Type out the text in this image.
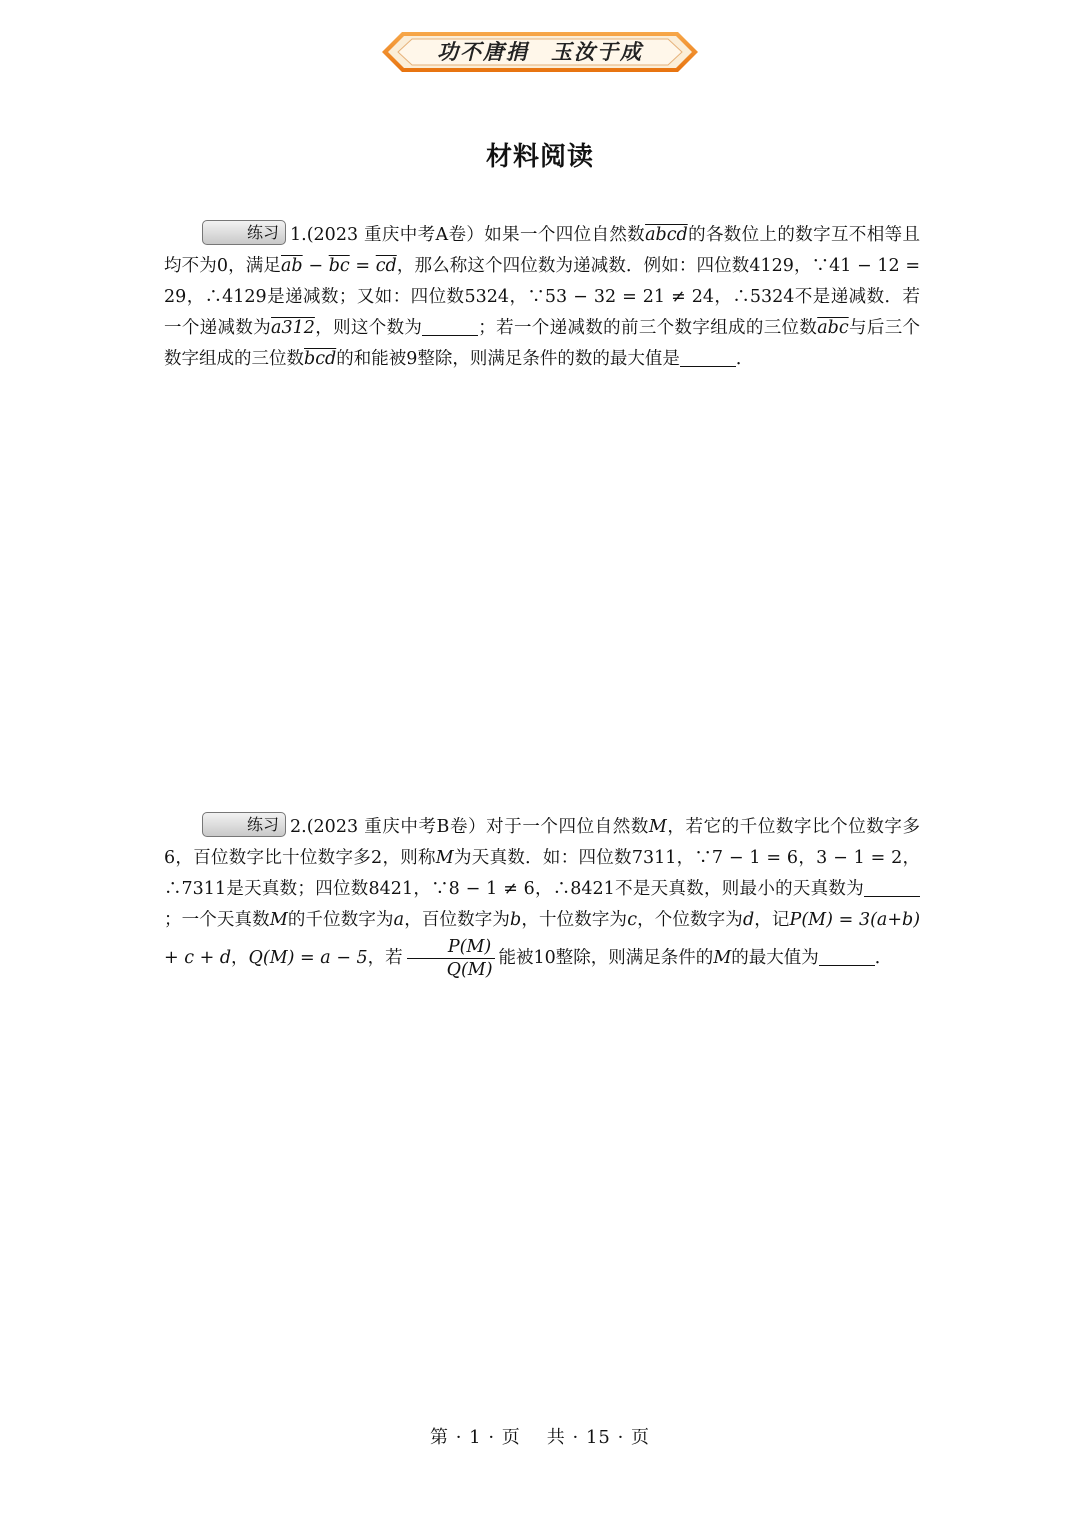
功不唐捐 玉汝于成
材料阅读

练习 1.(2023 重庆中考A卷）如果一个四位自然数abcd的各数位上的数字互不相等且均不为0，满足$\overline{ab} - \overline{bc} = \overline{cd}$，那么称这个四位数为递减数．例如：四位数4129，∵41 − 12 = 29，∴4129是递减数；又如：四位数5324，∵53 − 32 = 21 ≠ 24，∴5324不是递减数．若一个递减数为a312，则这个数为	；若一个递减数的前三个数字组成的三位数$\overline{abc}$与后三个数字组成的三位数$\overline{bcd}$的和能被9整除，则满足条件的数的最大值是	．

练习 2.(2023 重庆中考B卷）对于一个四位自然数M，若它的千位数字比个位数字多6，百位数字比十位数字多2，则称M为天真数．如：四位数7311，∵7 − 1 = 6，3 − 1 = 2，∴7311是天真数；四位数8421，∵8 − 1 ≠ 6，∴8421不是天真数，则最小的天真数为；一个天真数M的千位数字为a，百位数字为b，十位数字为c，个位数字为d，记P(M) = 3(a+b) + c + d，Q(M) = a − 5，若 $\frac{P(M)}{Q(M)}$ 能被10整除，则满足条件的M的最大值为	．

第 · 1 · 页 共 · 15 · 页
